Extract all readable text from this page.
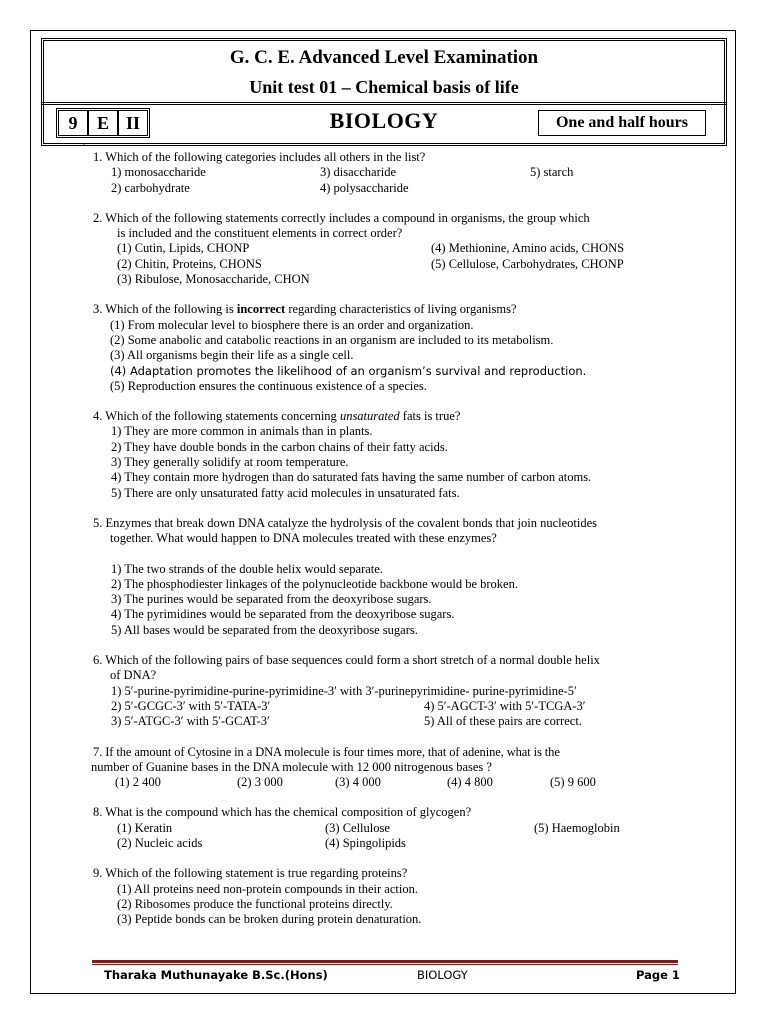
G. C. E. Advanced Level Examination
Unit test 01 – Chemical basis of life
9	E II	BIOLOGY	One and half hours
'
1. Which of the following categories includes all others in the list?
1) monosaccharide	3) disaccharide	5) starch
2) carbohydrate	4) polysaccharide
2. Which of the following statements correctly includes a compound in organisms, the group which
is included and the constituent elements in correct order?
(1) Cutin, Lipids, CHONP	(4) Methionine, Amino acids, CHONS
(2) Chitin, Proteins, CHONS	(5) Cellulose, Carbohydrates, CHONP
(3) Ribulose, Monosaccharide, CHON
3. Which of the following is incorrect regarding characteristics of living organisms?
(1) From molecular level to biosphere there is an order and organization.
(2) Some anabolic and catabolic reactions in an organism are included to its metabolism.
(3) All organisms begin their life as a single cell.
(4) Adaptation promotes the likelihood of an organism’s survival and reproduction.
(5) Reproduction ensures the continuous existence of a species.
4. Which of the following statements concerning unsaturated fats is true?
1) They are more common in animals than in plants.
2) They have double bonds in the carbon chains of their fatty acids.
3) They generally solidify at room temperature.
4) They contain more hydrogen than do saturated fats having the same number of carbon atoms.
5) There are only unsaturated fatty acid molecules in unsaturated fats.
5. Enzymes that break down DNA catalyze the hydrolysis of the covalent bonds that join nucleotides
together. What would happen to DNA molecules treated with these enzymes?
1) The two strands of the double helix would separate.
2) The phosphodiester linkages of the polynucleotide backbone would be broken.
3) The purines would be separated from the deoxyribose sugars.
4) The pyrimidines would be separated from the deoxyribose sugars.
5) All bases would be separated from the deoxyribose sugars.
6. Which of the following pairs of base sequences could form a short stretch of a normal double helix
of DNA?
1) 5′-purine-pyrimidine-purine-pyrimidine-3′ with 3′-purinepyrimidine- purine-pyrimidine-5′
2) 5′-GCGC-3′ with 5′-TATA-3′	4) 5′-AGCT-3′ with 5′-TCGA-3′
3) 5′-ATGC-3′ with 5′-GCAT-3′	5) All of these pairs are correct.
7. If the amount of Cytosine in a DNA molecule is four times more, that of adenine, what is the
number of Guanine bases in the DNA molecule with 12 000 nitrogenous bases ?
(1) 2 400	(2) 3 000	(3) 4 000	(4) 4 800	(5) 9 600
8. What is the compound which has the chemical composition of glycogen?
(1) Keratin	(3) Cellulose	(5) Haemoglobin
(2) Nucleic acids	(4) Spingolipids
9. Which of the following statement is true regarding proteins?
(1) All proteins need non-protein compounds in their action.
(2) Ribosomes produce the functional proteins directly.
(3) Peptide bonds can be broken during protein denaturation.
Tharaka Muthunayake B.Sc.(Hons)	BIOLOGY	Page 1
